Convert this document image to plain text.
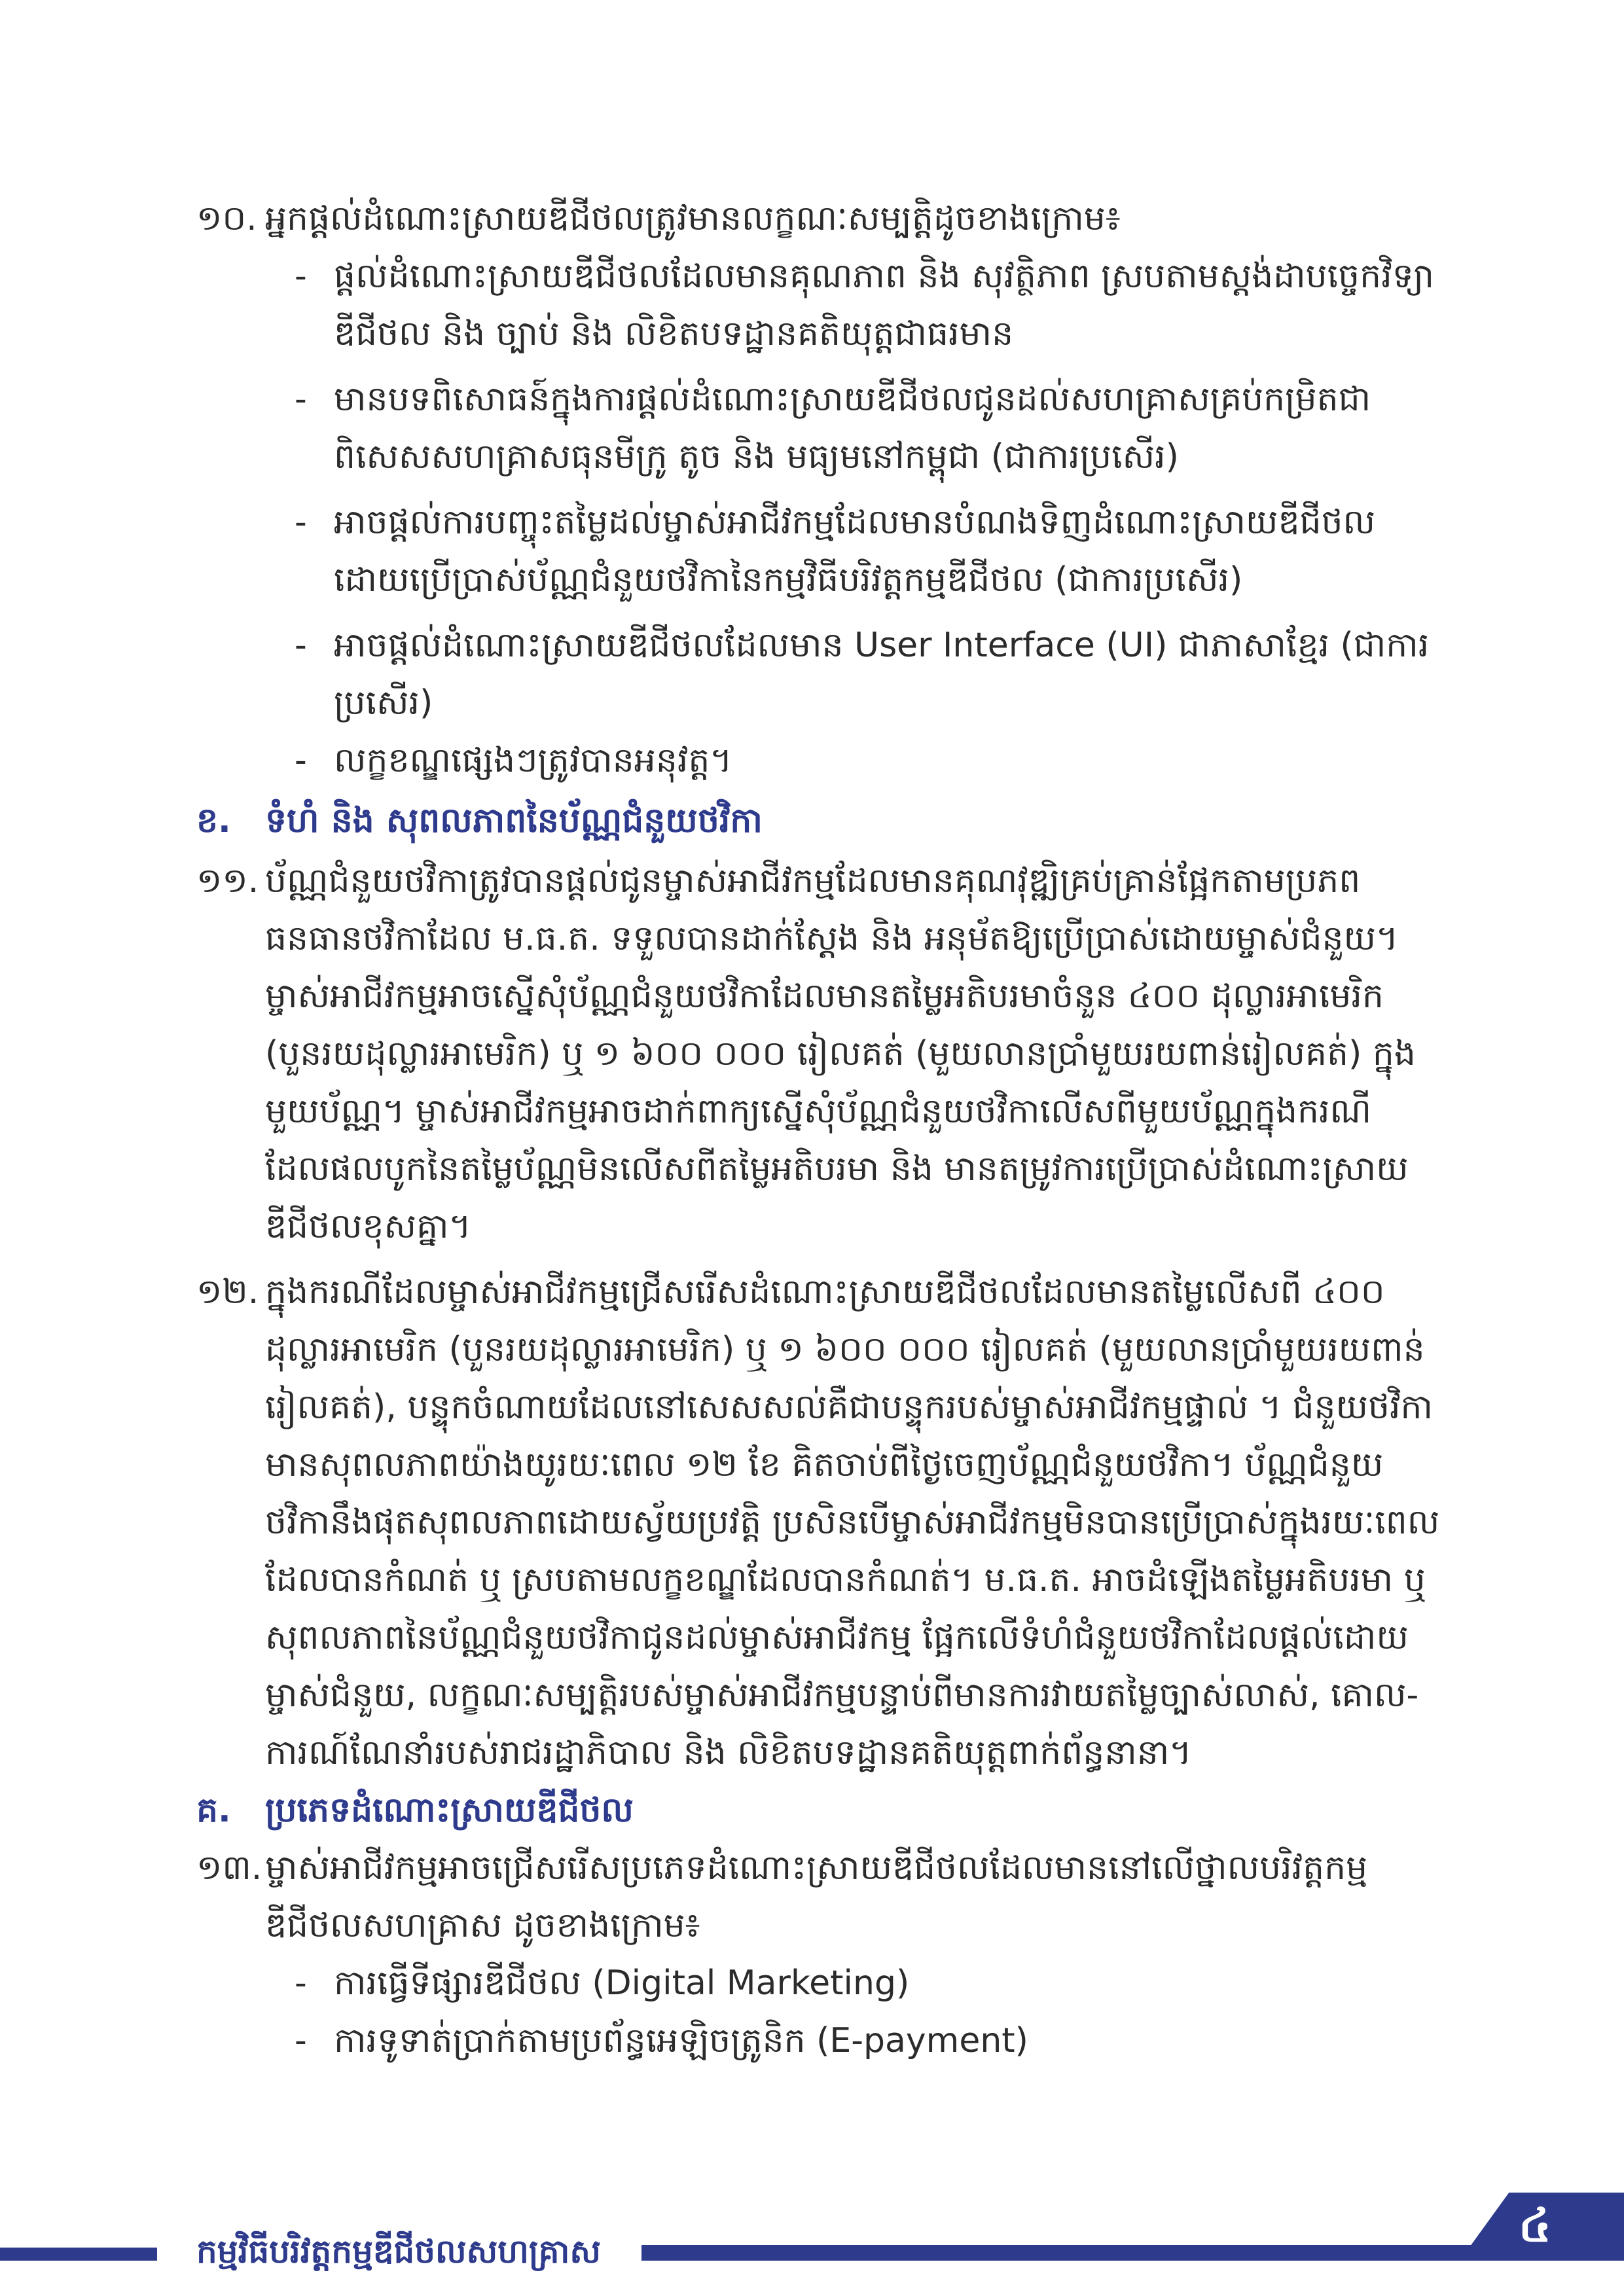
១០. អ្នកផ្តល់ដំណោះស្រាយឌីជីថលត្រូវមានលក្ខណៈសម្បត្តិដូចខាងក្រោម៖
- ផ្តល់ដំណោះស្រាយឌីជីថលដែលមានគុណភាព និង សុវត្ថិភាព ស្របតាមស្តង់ដាបច្ចេកវិទ្យា
ឌីជីថល និង ច្បាប់ និង លិខិតបទដ្ឋានគតិយុត្តជាធរមាន
- មានបទពិសោធន៍ក្នុងការផ្តល់ដំណោះស្រាយឌីជីថលជូនដល់សហគ្រាសគ្រប់កម្រិតជា
ពិសេសសហគ្រាសធុនមីក្រូ តូច និង មធ្យមនៅកម្ពុជា (ជាការប្រសើរ)
- អាចផ្តល់ការបញ្ចុះតម្លៃដល់ម្ចាស់អាជីវកម្មដែលមានបំណងទិញដំណោះស្រាយឌីជីថល
ដោយប្រើប្រាស់ប័ណ្ណជំនួយថវិកានៃកម្មវិធីបរិវត្តកម្មឌីជីថល (ជាការប្រសើរ)
- អាចផ្តល់ដំណោះស្រាយឌីជីថលដែលមាន User Interface (UI) ជាភាសាខ្មែរ (ជាការ
ប្រសើរ)
- លក្ខខណ្ឌផ្សេងៗត្រូវបានអនុវត្ត។
ខ. ទំហំ និង សុពលភាពនៃប័ណ្ណជំនួយថវិកា
១១. ប័ណ្ណជំនួយថវិកាត្រូវបានផ្តល់ជូនម្ចាស់អាជីវកម្មដែលមានគុណវុឌ្ឍិគ្រប់គ្រាន់ផ្អែកតាមប្រភព
ធនធានថវិកាដែល ម.ធ.ត. ទទួលបានដាក់ស្តែង និង អនុម័តឱ្យប្រើប្រាស់ដោយម្ចាស់ជំនួយ។
ម្ចាស់អាជីវកម្មអាចស្នើសុំប័ណ្ណជំនួយថវិកាដែលមានតម្លៃអតិបរមាចំនួន ៤០០ ដុល្លារអាមេរិក
(បួនរយដុល្លារអាមេរិក) ឬ ១ ៦០០ ០០០ រៀលគត់ (មួយលានប្រាំមួយរយពាន់រៀលគត់) ក្នុង
មួយប័ណ្ណ។ ម្ចាស់អាជីវកម្មអាចដាក់ពាក្យស្នើសុំប័ណ្ណជំនួយថវិកាលើសពីមួយប័ណ្ណក្នុងករណី
ដែលផលបូកនៃតម្លៃប័ណ្ណមិនលើសពីតម្លៃអតិបរមា និង មានតម្រូវការប្រើប្រាស់ដំណោះស្រាយ
ឌីជីថលខុសគ្នា។
១២. ក្នុងករណីដែលម្ចាស់អាជីវកម្មជ្រើសរើសដំណោះស្រាយឌីជីថលដែលមានតម្លៃលើសពី ៤០០
ដុល្លារអាមេរិក (បួនរយដុល្លារអាមេរិក) ឬ ១ ៦០០ ០០០ រៀលគត់ (មួយលានប្រាំមួយរយពាន់
រៀលគត់), បន្ទុកចំណាយដែលនៅសេសសល់គឺជាបន្ទុករបស់ម្ចាស់អាជីវកម្មផ្ទាល់ ។ ជំនួយថវិកា
មានសុពលភាពយ៉ាងយូរយៈពេល ១២ ខែ គិតចាប់ពីថ្ងៃចេញប័ណ្ណជំនួយថវិកា។ ប័ណ្ណជំនួយ
ថវិកានឹងផុតសុពលភាពដោយស្វ័យប្រវត្តិ ប្រសិនបើម្ចាស់អាជីវកម្មមិនបានប្រើប្រាស់ក្នុងរយៈពេល
ដែលបានកំណត់ ឬ ស្របតាមលក្ខខណ្ឌដែលបានកំណត់។ ម.ធ.ត. អាចដំឡើងតម្លៃអតិបរមា ឬ
សុពលភាពនៃប័ណ្ណជំនួយថវិកាជូនដល់ម្ចាស់អាជីវកម្ម ផ្អែកលើទំហំជំនួយថវិកាដែលផ្តល់ដោយ
ម្ចាស់ជំនួយ, លក្ខណៈសម្បត្តិរបស់ម្ចាស់អាជីវកម្មបន្ទាប់ពីមានការវាយតម្លៃច្បាស់លាស់, គោល-
ការណ៍ណែនាំរបស់រាជរដ្ឋាភិបាល និង លិខិតបទដ្ឋានគតិយុត្តពាក់ព័ន្ធនានា។
គ. ប្រភេទដំណោះស្រាយឌីជីថល
១៣. ម្ចាស់អាជីវកម្មអាចជ្រើសរើសប្រភេទដំណោះស្រាយឌីជីថលដែលមាននៅលើថ្នាលបរិវត្តកម្ម
ឌីជីថលសហគ្រាស ដូចខាងក្រោម៖
- ការធ្វើទីផ្សារឌីជីថល (Digital Marketing)
- ការទូទាត់ប្រាក់តាមប្រព័ន្ធអេឡិចត្រូនិក (E-payment)
កម្មវិធីបរិវត្តកម្មឌីជីថលសហគ្រាស	៤
